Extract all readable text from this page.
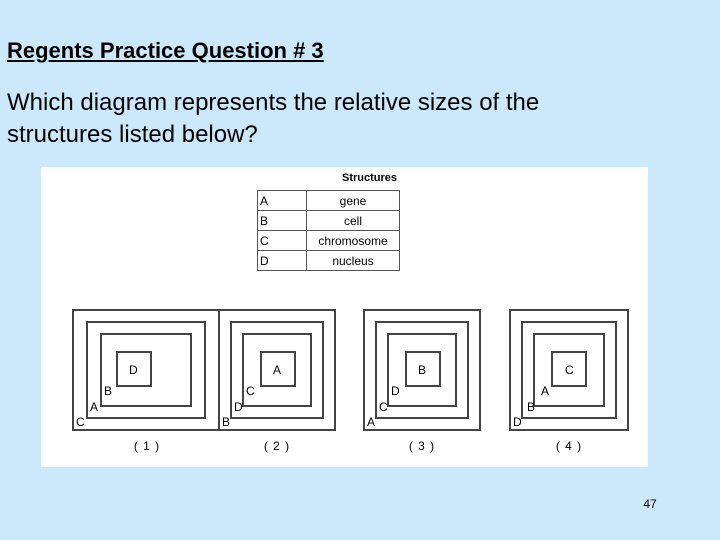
Regents Practice Question # 3
Which diagram represents the relative sizes of the structures listed below?
Structures
A	gene
B	cell
C	chromosome
D	nucleus
C
A
B
D
( 1 )
B
D
C
A
( 2 )
A
C
D
B
( 3 )
D
B
A
C
( 4 )
47
